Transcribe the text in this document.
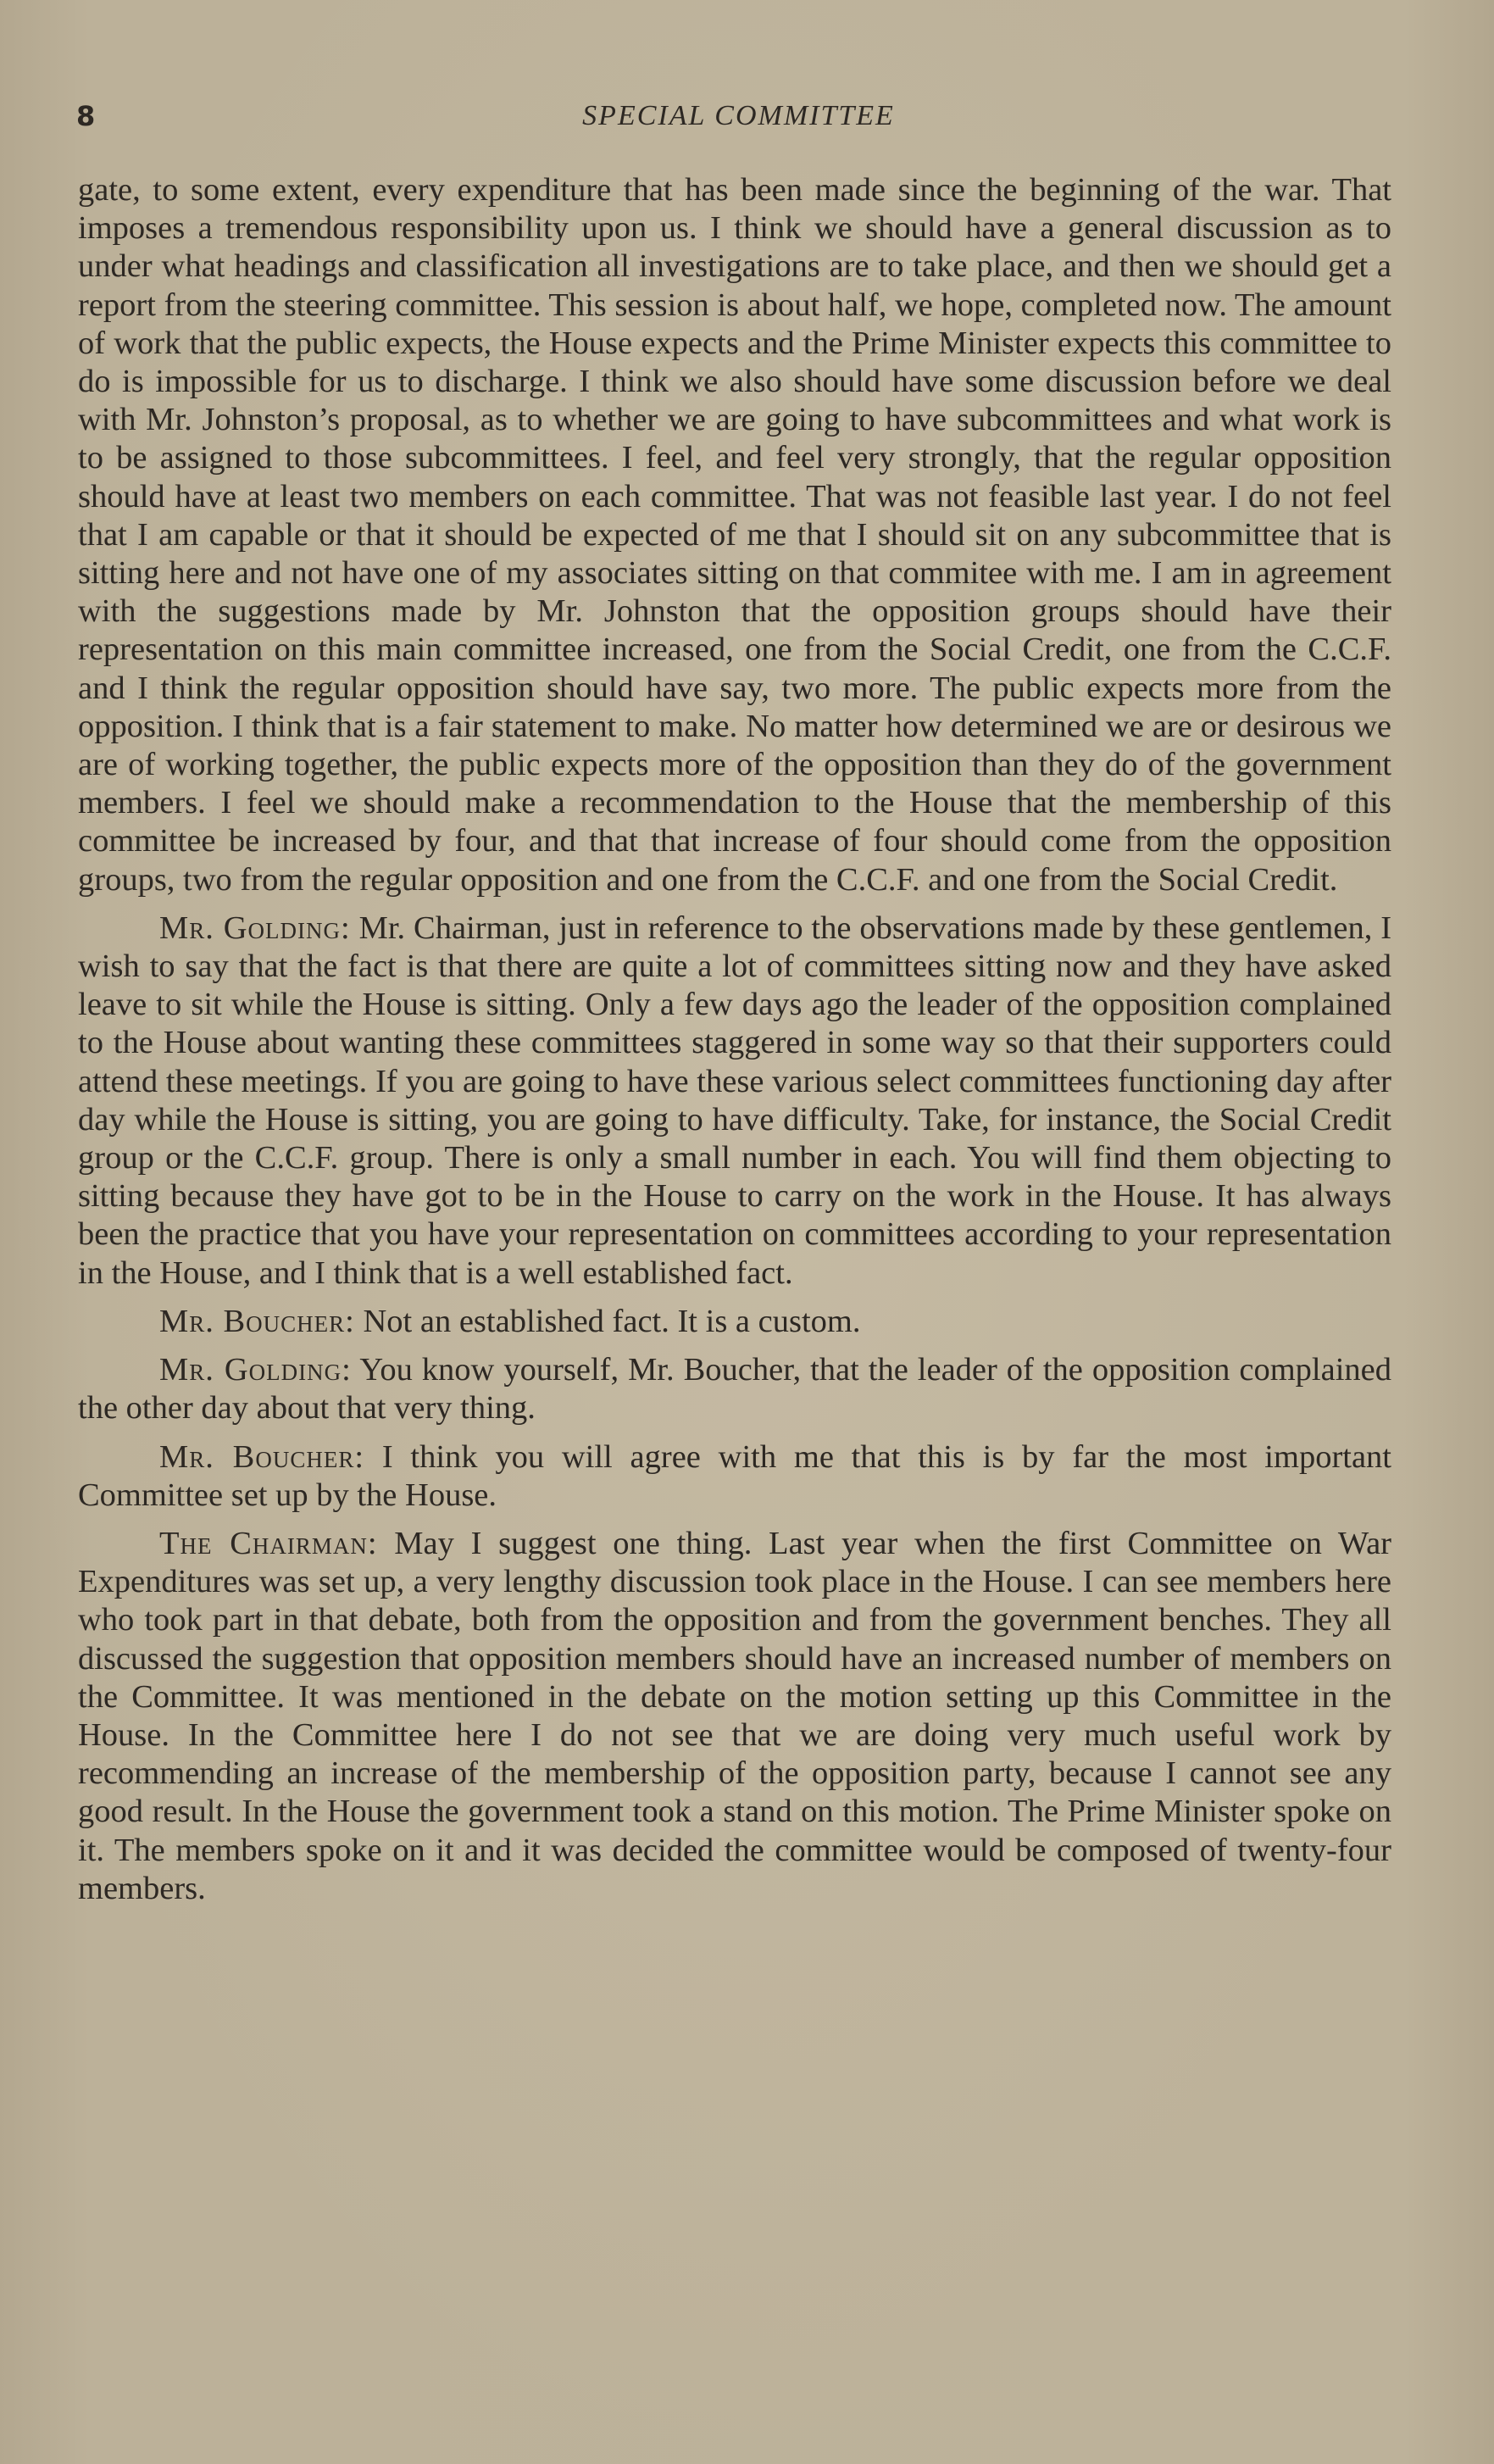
8	SPECIAL COMMITTEE

gate, to some extent, every expenditure that has been made since the beginning of the war. That imposes a tremendous responsibility upon us. I think we should have a general discussion as to under what headings and classification all investigations are to take place, and then we should get a report from the steering committee. This session is about half, we hope, completed now. The amount of work that the public expects, the House expects and the Prime Minister expects this committee to do is impossible for us to discharge. I think we also should have some discussion before we deal with Mr. Johnston’s proposal, as to whether we are going to have subcommittees and what work is to be assigned to those subcommittees. I feel, and feel very strongly, that the regular opposition should have at least two members on each committee. That was not feasible last year. I do not feel that I am capable or that it should be expected of me that I should sit on any subcommittee that is sitting here and not have one of my associates sitting on that commitee with me. I am in agreement with the suggestions made by Mr. Johnston that the opposition groups should have their representation on this main committee increased, one from the Social Credit, one from the C.C.F. and I think the regular opposition should have say, two more. The public expects more from the opposition. I think that is a fair statement to make. No matter how determined we are or desirous we are of working together, the public expects more of the opposition than they do of the government members. I feel we should make a recommendation to the House that the membership of this committee be increased by four, and that that increase of four should come from the opposition groups, two from the regular opposition and one from the C.C.F. and one from the Social Credit.

Mr. Golding: Mr. Chairman, just in reference to the observations made by these gentlemen, I wish to say that the fact is that there are quite a lot of committees sitting now and they have asked leave to sit while the House is sitting. Only a few days ago the leader of the opposition complained to the House about wanting these committees staggered in some way so that their supporters could attend these meetings. If you are going to have these various select committees functioning day after day while the House is sitting, you are going to have difficulty. Take, for instance, the Social Credit group or the C.C.F. group. There is only a small number in each. You will find them objecting to sitting because they have got to be in the House to carry on the work in the House. It has always been the practice that you have your representation on committees according to your representation in the House, and I think that is a well established fact.

Mr. Boucher: Not an established fact. It is a custom.

Mr. Golding: You know yourself, Mr. Boucher, that the leader of the opposition complained the other day about that very thing.

Mr. Boucher: I think you will agree with me that this is by far the most important Committee set up by the House.

The Chairman: May I suggest one thing. Last year when the first Committee on War Expenditures was set up, a very lengthy discussion took place in the House. I can see members here who took part in that debate, both from the opposition and from the government benches. They all discussed the suggestion that opposition members should have an increased number of members on the Committee. It was mentioned in the debate on the motion setting up this Committee in the House. In the Committee here I do not see that we are doing very much useful work by recommending an increase of the membership of the opposition party, because I cannot see any good result. In the House the government took a stand on this motion. The Prime Minister spoke on it. The members spoke on it and it was decided the committee would be composed of twenty-four members.
